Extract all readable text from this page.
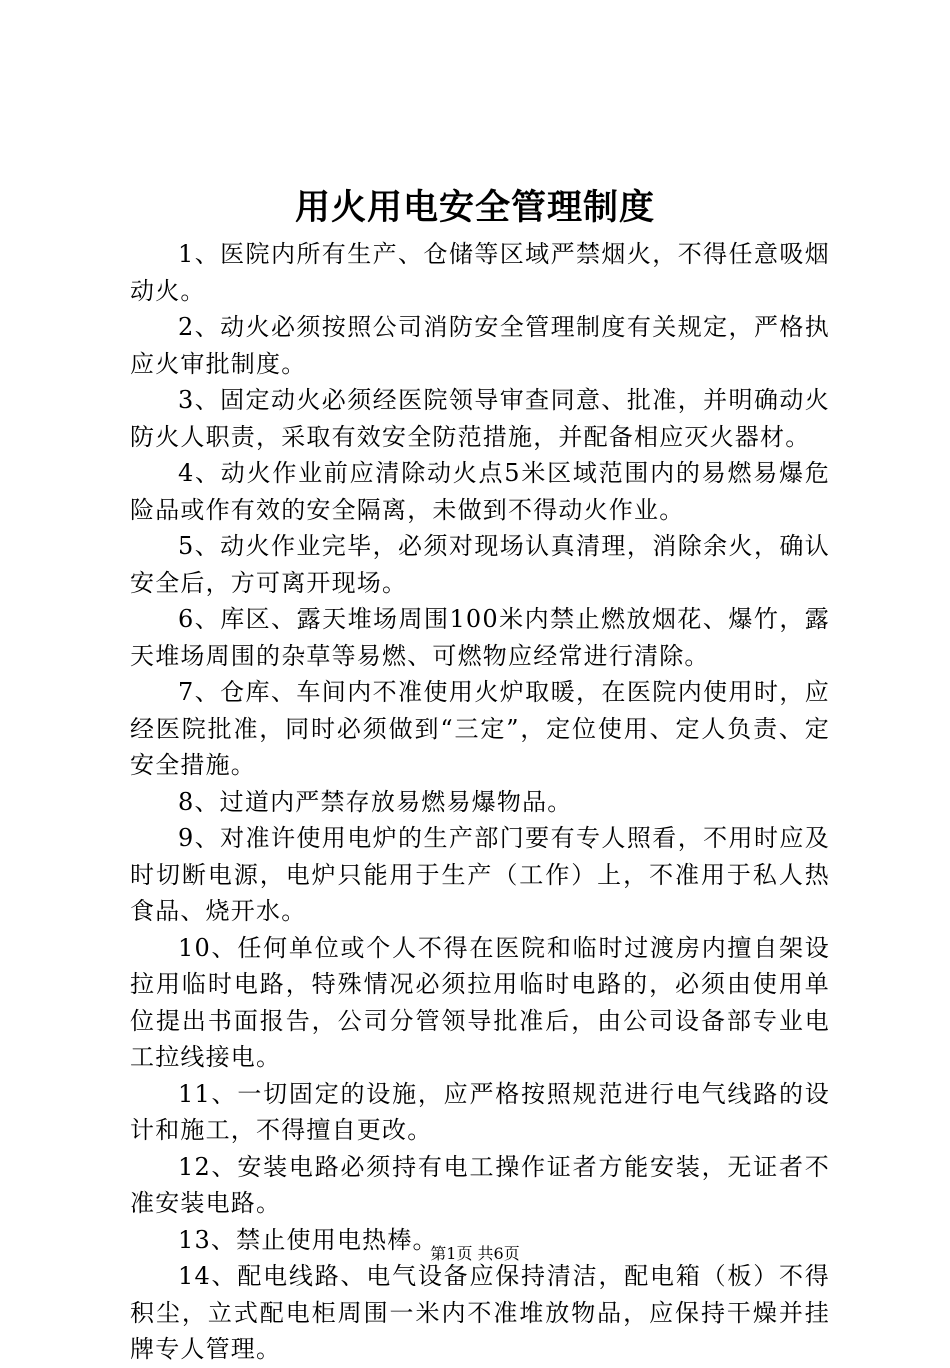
用火用电安全管理制度

1、医院内所有生产、仓储等区域严禁烟火，不得任意吸烟动火。

2、动火必须按照公司消防安全管理制度有关规定，严格执应火审批制度。

3、固定动火必须经医院领导审查同意、批准，并明确动火防火人职责，采取有效安全防范措施，并配备相应灭火器材。

4、动火作业前应清除动火点5米区域范围内的易燃易爆危险品或作有效的安全隔离，未做到不得动火作业。

5、动火作业完毕，必须对现场认真清理，消除余火，确认安全后，方可离开现场。

6、库区、露天堆场周围100米内禁止燃放烟花、爆竹，露天堆场周围的杂草等易燃、可燃物应经常进行清除。

7、仓库、车间内不准使用火炉取暖，在医院内使用时，应经医院批准，同时必须做到“三定”，定位使用、定人负责、定安全措施。

8、过道内严禁存放易燃易爆物品。

9、对准许使用电炉的生产部门要有专人照看，不用时应及时切断电源，电炉只能用于生产（工作）上，不准用于私人热食品、烧开水。

10、任何单位或个人不得在医院和临时过渡房内擅自架设拉用临时电路，特殊情况必须拉用临时电路的，必须由使用单位提出书面报告，公司分管领导批准后，由公司设备部专业电工拉线接电。

11、一切固定的设施，应严格按照规范进行电气线路的设计和施工，不得擅自更改。

12、安装电路必须持有电工操作证者方能安装，无证者不准安装电路。

13、禁止使用电热棒。

14、配电线路、电气设备应保持清洁，配电箱（板）不得积尘，立式配电柜周围一米内不准堆放物品，应保持干燥并挂牌专人管理。

第1页 共6页
